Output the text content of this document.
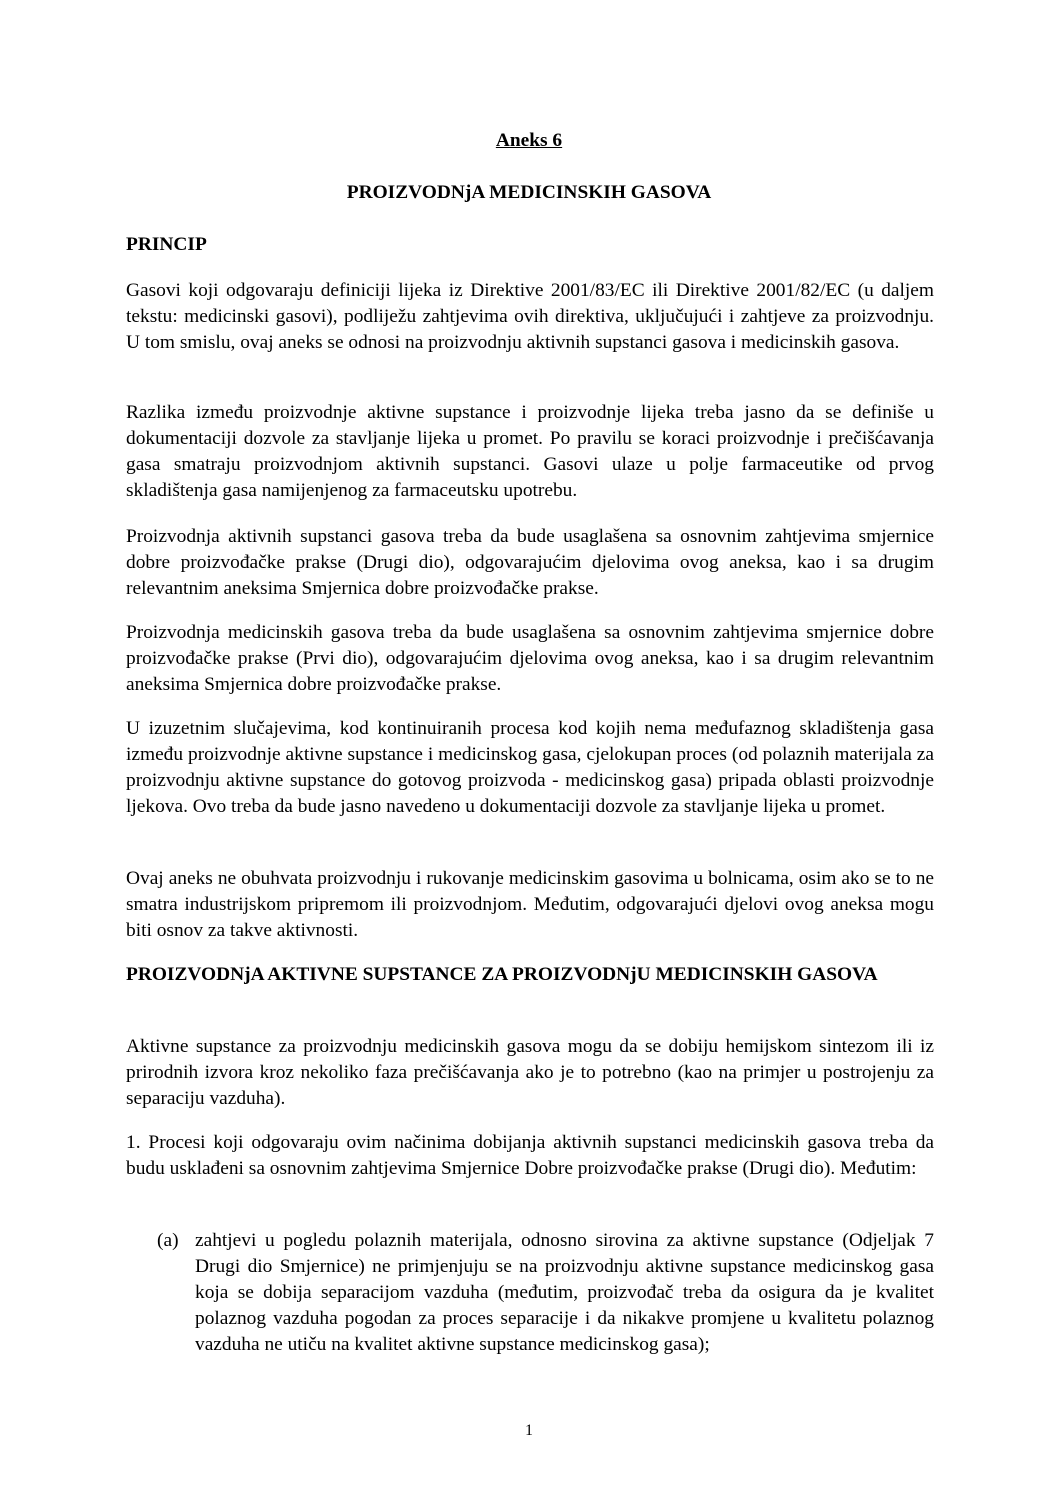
Aneks 6
PROIZVODNjA MEDICINSKIH GASOVA
PRINCIP
Gasovi koji odgovaraju definiciji lijeka iz Direktive 2001/83/EC ili Direktive 2001/82/EC (u daljem tekstu: medicinski gasovi), podliježu zahtjevima ovih direktiva, uključujući i zahtjeve za proizvodnju. U tom smislu, ovaj aneks se odnosi na proizvodnju aktivnih supstanci gasova i medicinskih gasova.
Razlika između proizvodnje aktivne supstance i proizvodnje lijeka treba jasno da se definiše u dokumentaciji dozvole za stavljanje lijeka u promet. Po pravilu se koraci proizvodnje i prečišćavanja gasa smatraju proizvodnjom aktivnih supstanci. Gasovi ulaze u polje farmaceutike od prvog skladištenja gasa namijenjenog za farmaceutsku upotrebu.
Proizvodnja aktivnih supstanci gasova treba da bude usaglašena sa osnovnim zahtjevima smjernice dobre proizvođačke prakse (Drugi dio), odgovarajućim djelovima ovog aneksa, kao i sa drugim relevantnim aneksima Smjernica dobre proizvođačke prakse.
Proizvodnja medicinskih gasova treba da bude usaglašena sa osnovnim zahtjevima smjernice dobre proizvođačke prakse (Prvi dio), odgovarajućim djelovima ovog aneksa, kao i sa drugim relevantnim aneksima Smjernica dobre proizvođačke prakse.
U izuzetnim slučajevima, kod kontinuiranih procesa kod kojih nema međufaznog skladištenja gasa između proizvodnje aktivne supstance i medicinskog gasa, cjelokupan proces (od polaznih materijala za proizvodnju aktivne supstance do gotovog proizvoda - medicinskog gasa) pripada oblasti proizvodnje ljekova. Ovo treba da bude jasno navedeno u dokumentaciji dozvole za stavljanje lijeka u promet.
Ovaj aneks ne obuhvata proizvodnju i rukovanje medicinskim gasovima u bolnicama, osim ako se to ne smatra industrijskom pripremom ili proizvodnjom. Međutim, odgovarajući djelovi ovog aneksa mogu biti osnov za takve aktivnosti.
PROIZVODNjA AKTIVNE SUPSTANCE ZA PROIZVODNjU MEDICINSKIH GASOVA
Aktivne supstance za proizvodnju medicinskih gasova mogu da se dobiju hemijskom sintezom ili iz prirodnih izvora kroz nekoliko faza prečišćavanja ako je to potrebno (kao na primjer u postrojenju za separaciju vazduha).
1. Procesi koji odgovaraju ovim načinima dobijanja aktivnih supstanci medicinskih gasova treba da budu usklađeni sa osnovnim zahtjevima Smjernice Dobre proizvođačke prakse (Drugi dio). Međutim:
(a) zahtjevi u pogledu polaznih materijala, odnosno sirovina za aktivne supstance (Odjeljak 7 Drugi dio Smjernice) ne primjenjuju se na proizvodnju aktivne supstance medicinskog gasa koja se dobija separacijom vazduha (međutim, proizvođač treba da osigura da je kvalitet polaznog vazduha pogodan za proces separacije i da nikakve promjene u kvalitetu polaznog vazduha ne utiču na kvalitet aktivne supstance medicinskog gasa);
1
